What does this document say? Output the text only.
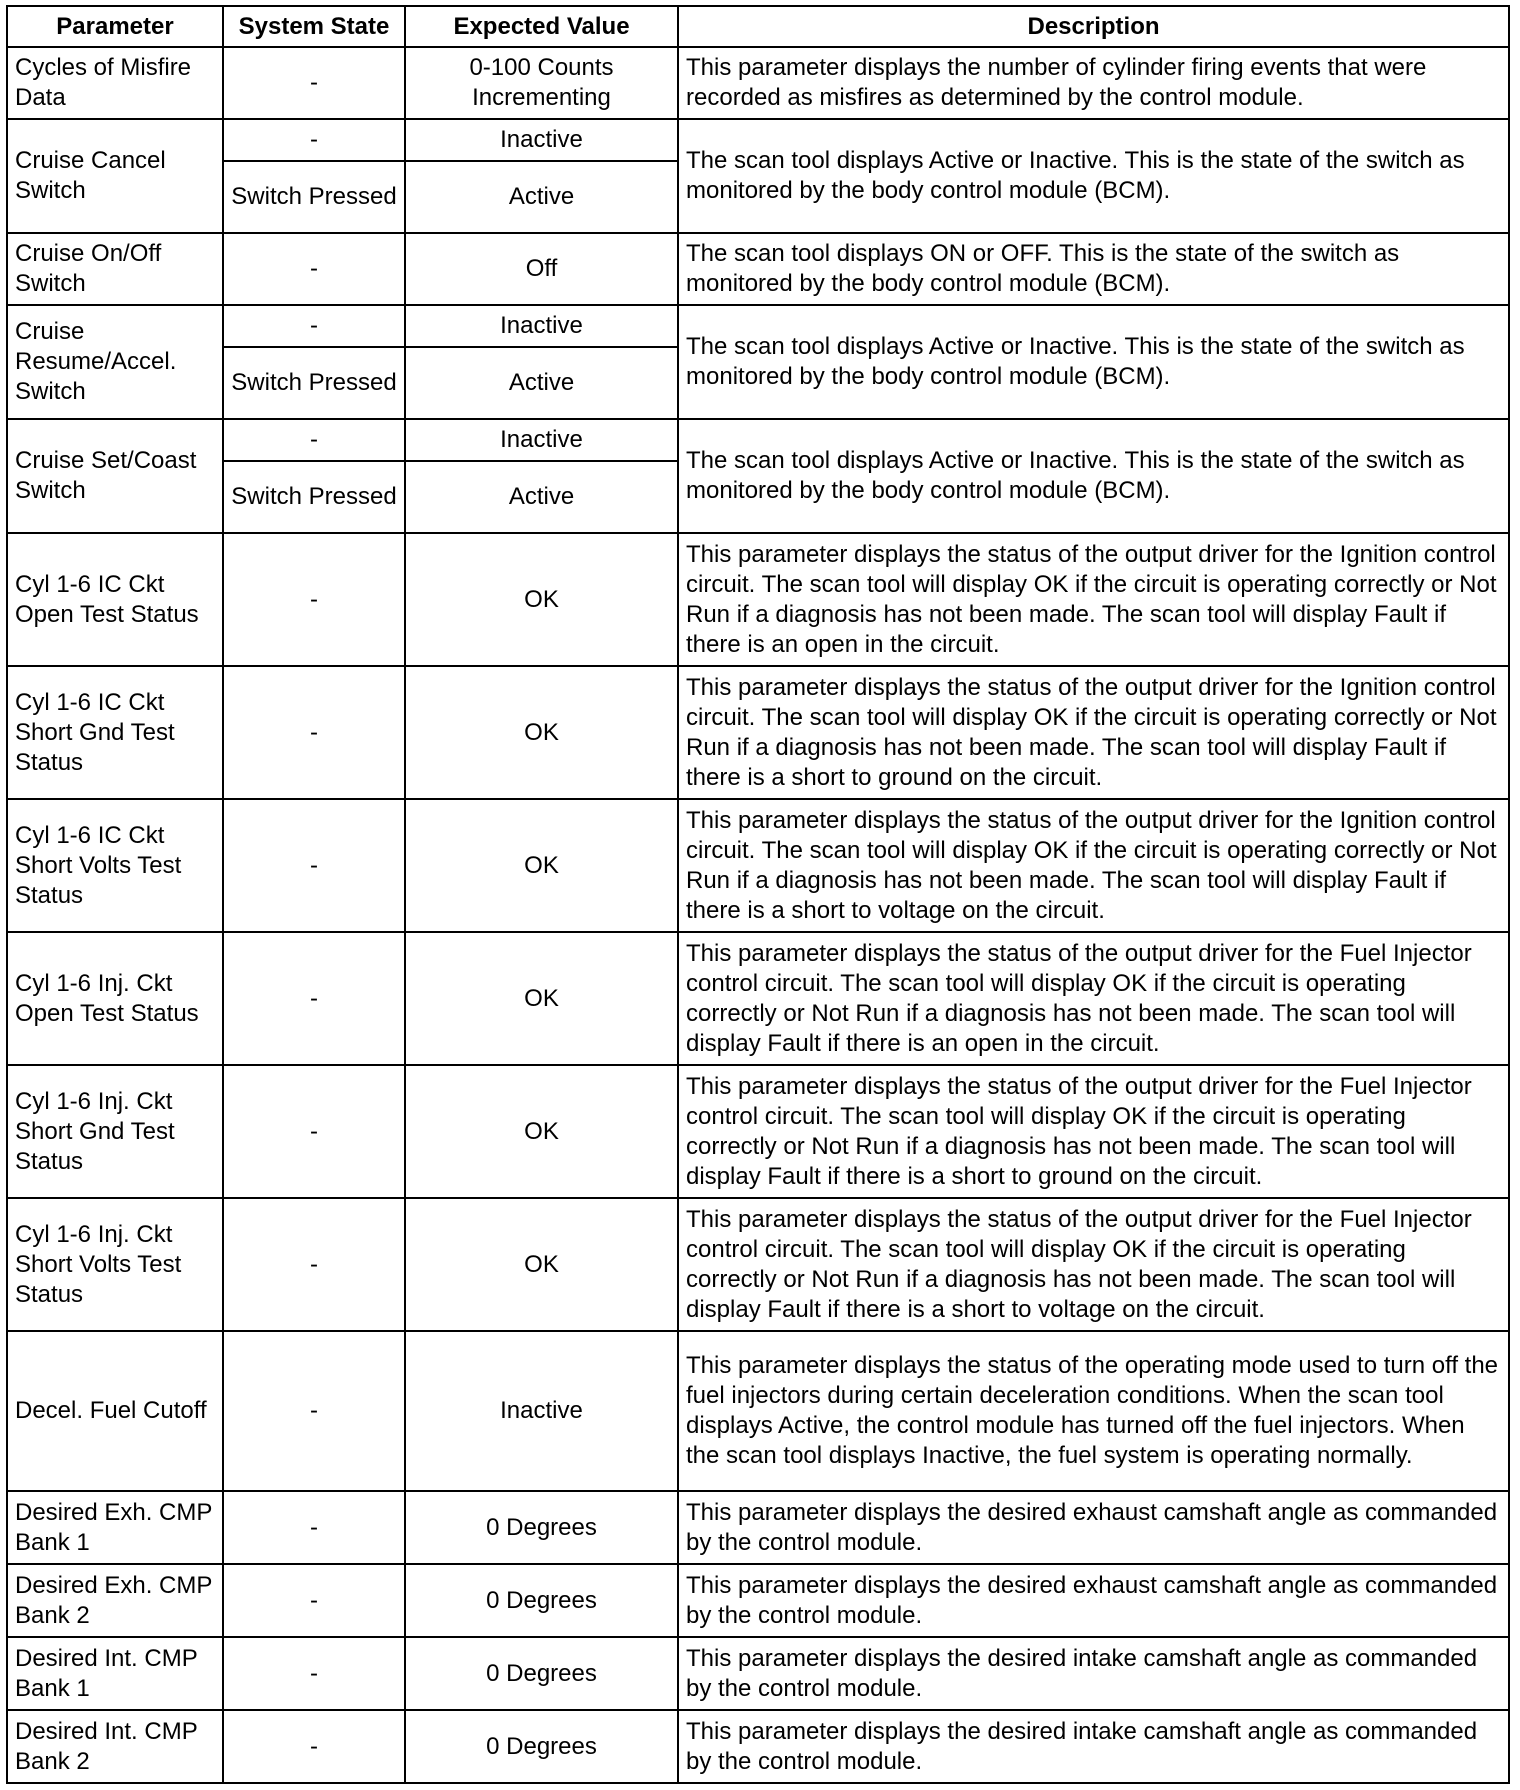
Parameter	System State	Expected Value	Description
Cycles of Misfire Data	-	0-100 Counts Incrementing	This parameter displays the number of cylinder firing events that were recorded as misfires as determined by the control module.
Cruise Cancel Switch	-	Inactive	The scan tool displays Active or Inactive. This is the state of the switch as monitored by the body control module (BCM).
	Switch Pressed	Active	
Cruise On/Off Switch	-	Off	The scan tool displays ON or OFF. This is the state of the switch as monitored by the body control module (BCM).
Cruise Resume/Accel. Switch	-	Inactive	The scan tool displays Active or Inactive. This is the state of the switch as monitored by the body control module (BCM).
	Switch Pressed	Active	
Cruise Set/Coast Switch	-	Inactive	The scan tool displays Active or Inactive. This is the state of the switch as monitored by the body control module (BCM).
	Switch Pressed	Active	
Cyl 1-6 IC Ckt Open Test Status	-	OK	This parameter displays the status of the output driver for the Ignition control circuit. The scan tool will display OK if the circuit is operating correctly or Not Run if a diagnosis has not been made. The scan tool will display Fault if there is an open in the circuit.
Cyl 1-6 IC Ckt Short Gnd Test Status	-	OK	This parameter displays the status of the output driver for the Ignition control circuit. The scan tool will display OK if the circuit is operating correctly or Not Run if a diagnosis has not been made. The scan tool will display Fault if there is a short to ground on the circuit.
Cyl 1-6 IC Ckt Short Volts Test Status	-	OK	This parameter displays the status of the output driver for the Ignition control circuit. The scan tool will display OK if the circuit is operating correctly or Not Run if a diagnosis has not been made. The scan tool will display Fault if there is a short to voltage on the circuit.
Cyl 1-6 Inj. Ckt Open Test Status	-	OK	This parameter displays the status of the output driver for the Fuel Injector control circuit. The scan tool will display OK if the circuit is operating correctly or Not Run if a diagnosis has not been made. The scan tool will display Fault if there is an open in the circuit.
Cyl 1-6 Inj. Ckt Short Gnd Test Status	-	OK	This parameter displays the status of the output driver for the Fuel Injector control circuit. The scan tool will display OK if the circuit is operating correctly or Not Run if a diagnosis has not been made. The scan tool will display Fault if there is a short to ground on the circuit.
Cyl 1-6 Inj. Ckt Short Volts Test Status	-	OK	This parameter displays the status of the output driver for the Fuel Injector control circuit. The scan tool will display OK if the circuit is operating correctly or Not Run if a diagnosis has not been made. The scan tool will display Fault if there is a short to voltage on the circuit.
Decel. Fuel Cutoff	-	Inactive	This parameter displays the status of the operating mode used to turn off the fuel injectors during certain deceleration conditions. When the scan tool displays Active, the control module has turned off the fuel injectors. When the scan tool displays Inactive, the fuel system is operating normally.
Desired Exh. CMP Bank 1	-	0 Degrees	This parameter displays the desired exhaust camshaft angle as commanded by the control module.
Desired Exh. CMP Bank 2	-	0 Degrees	This parameter displays the desired exhaust camshaft angle as commanded by the control module.
Desired Int. CMP Bank 1	-	0 Degrees	This parameter displays the desired intake camshaft angle as commanded by the control module.
Desired Int. CMP Bank 2	-	0 Degrees	This parameter displays the desired intake camshaft angle as commanded by the control module.
